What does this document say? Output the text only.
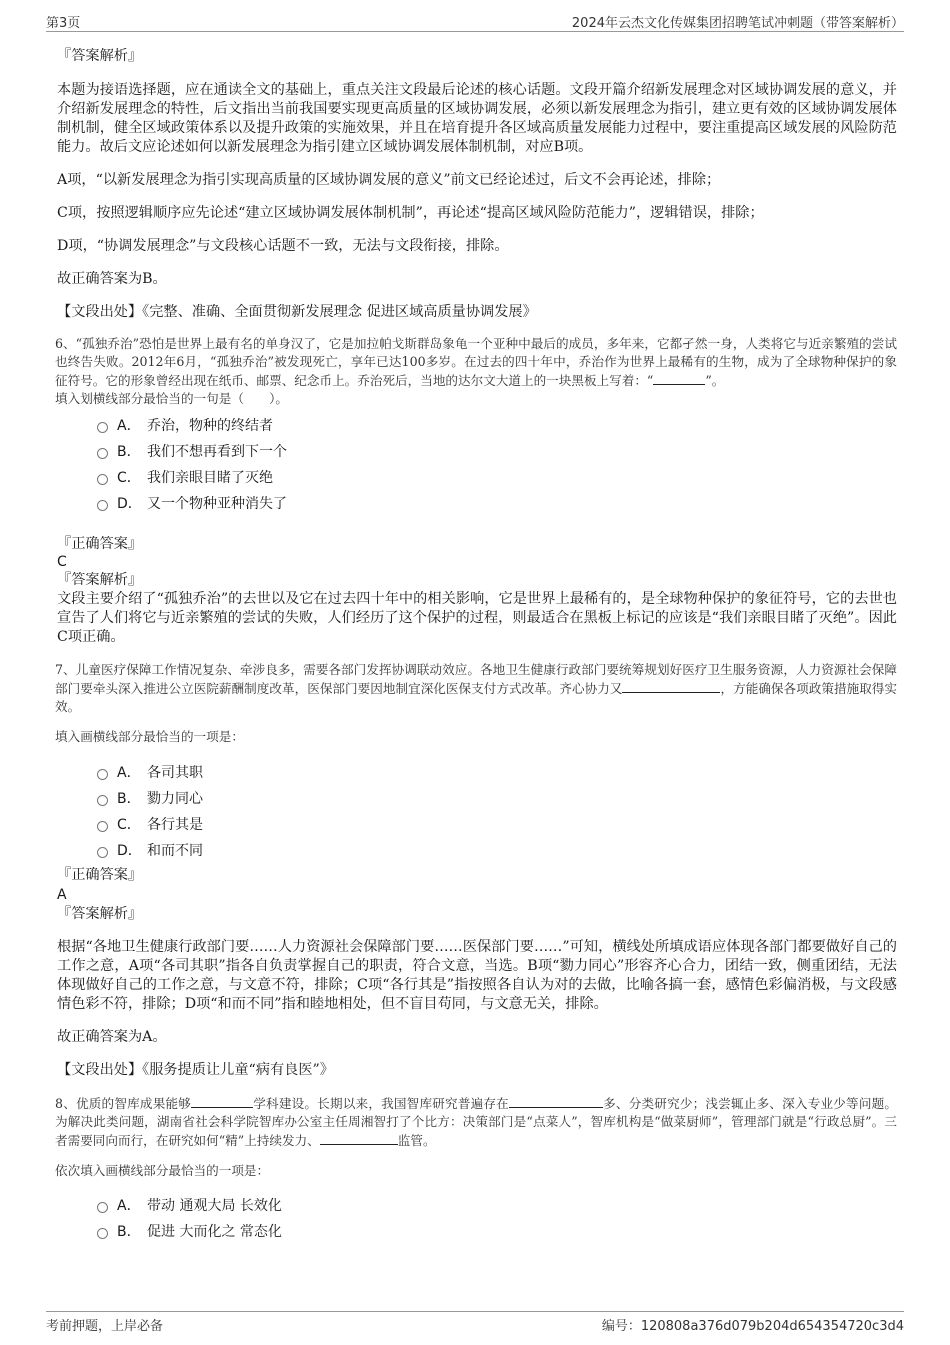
第3页	2024年云杰文化传媒集团招聘笔试冲刺题（带答案解析）
『答案解析』
本题为接语选择题，应在通读全文的基础上，重点关注文段最后论述的核心话题。文段开篇介绍新发展理念对区域协调发展的意义，并介绍新发展理念的特性，后文指出当前我国要实现更高质量的区域协调发展，必须以新发展理念为指引，建立更有效的区域协调发展体制机制，健全区域政策体系以及提升政策的实施效果，并且在培育提升各区域高质量发展能力过程中，要注重提高区域发展的风险防范能力。故后文应论述如何以新发展理念为指引建立区域协调发展体制机制，对应B项。
A项，“以新发展理念为指引实现高质量的区域协调发展的意义”前文已经论述过，后文不会再论述，排除；
C项，按照逻辑顺序应先论述“建立区域协调发展体制机制”，再论述“提高区域风险防范能力”，逻辑错误，排除；
D项，“协调发展理念”与文段核心话题不一致，无法与文段衔接，排除。
故正确答案为B。
【文段出处】《完整、准确、全面贯彻新发展理念 促进区域高质量协调发展》
6、“孤独乔治”恐怕是世界上最有名的单身汉了，它是加拉帕戈斯群岛象龟一个亚种中最后的成员，多年来，它都孑然一身，人类将它与近亲繁殖的尝试也终告失败。2012年6月，“孤独乔治”被发现死亡，享年已达100多岁。在过去的四十年中，乔治作为世界上最稀有的生物，成为了全球物种保护的象征符号。它的形象曾经出现在纸币、邮票、纪念币上。乔治死后，当地的达尔文大道上的一块黑板上写着：“	”。
填入划横线部分最恰当的一句是（　　）。
A． 乔治，物种的终结者
B． 我们不想再看到下一个
C． 我们亲眼目睹了灭绝
D． 又一个物种亚种消失了
『正确答案』
C
『答案解析』
文段主要介绍了“孤独乔治”的去世以及它在过去四十年中的相关影响，它是世界上最稀有的，是全球物种保护的象征符号，它的去世也宣告了人们将它与近亲繁殖的尝试的失败，人们经历了这个保护的过程，则最适合在黑板上标记的应该是“我们亲眼目睹了灭绝”。因此C项正确。
7、儿童医疗保障工作情况复杂、牵涉良多，需要各部门发挥协调联动效应。各地卫生健康行政部门要统筹规划好医疗卫生服务资源，人力资源社会保障部门要牵头深入推进公立医院薪酬制度改革，医保部门要因地制宜深化医保支付方式改革。齐心协力又	，方能确保各项政策措施取得实效。
填入画横线部分最恰当的一项是：
A． 各司其职
B． 勠力同心
C． 各行其是
D． 和而不同
『正确答案』
A
『答案解析』
根据“各地卫生健康行政部门要……人力资源社会保障部门要……医保部门要……”可知，横线处所填成语应体现各部门都要做好自己的工作之意，A项“各司其职”指各自负责掌握自己的职责，符合文意，当选。B项“勠力同心”形容齐心合力，团结一致，侧重团结，无法体现做好自己的工作之意，与文意不符，排除；C项“各行其是”指按照各自认为对的去做，比喻各搞一套，感情色彩偏消极，与文段感情色彩不符，排除；D项“和而不同”指和睦地相处，但不盲目苟同，与文意无关，排除。
故正确答案为A。
【文段出处】《服务提质让儿童“病有良医”》
8、优质的智库成果能够	学科建设。长期以来，我国智库研究普遍存在	多、分类研究少；浅尝辄止多、深入专业少等问题。为解决此类问题，湖南省社会科学院智库办公室主任周湘智打了个比方：决策部门是“点菜人”，智库机构是“做菜厨师”，管理部门就是“行政总厨”。三者需要同向而行，在研究如何“精”上持续发力、	监管。
依次填入画横线部分最恰当的一项是：
A． 带动 通观大局 长效化
B． 促进 大而化之 常态化
考前押题，上岸必备	编号：120808a376d079b204d654354720c3d4
